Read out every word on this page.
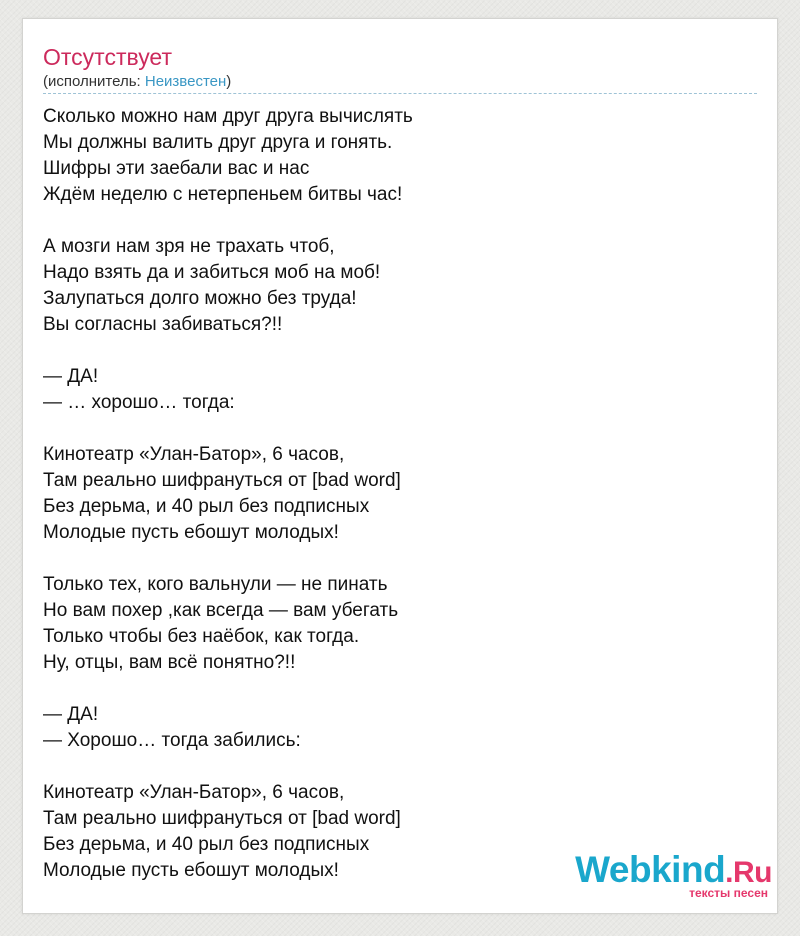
Отсутствует
(исполнитель: Неизвестен)
Сколько можно нам друг друга вычислять
Мы должны валить друг друга и гонять.
Шифры эти заебали вас и нас
Ждём неделю с нетерпеньем битвы час!
А мозги нам зря не трахать чтоб,
Надо взять да и забиться моб на моб!
Залупаться долго можно без труда!
Вы согласны забиваться?!!
— ДА!
— … хорошо… тогда:
Кинотеатр «Улан-Батор», 6 часов,
Там реально шифрануться от [bad word]
Без дерьма, и 40 рыл без подписных
Молодые пусть ебошут молодых!
Только тех, кого вальнули — не пинать
Но вам похер ,как всегда — вам убегать
Только чтобы без наёбок, как тогда.
Ну, отцы, вам всё понятно?!!
— ДА!
— Хорошо… тогда забились:
Кинотеатр «Улан-Батор», 6 часов,
Там реально шифрануться от [bad word]
Без дерьма, и 40 рыл без подписных
Молодые пусть ебошут молодых!	Webkind.Ru
тексты песен
